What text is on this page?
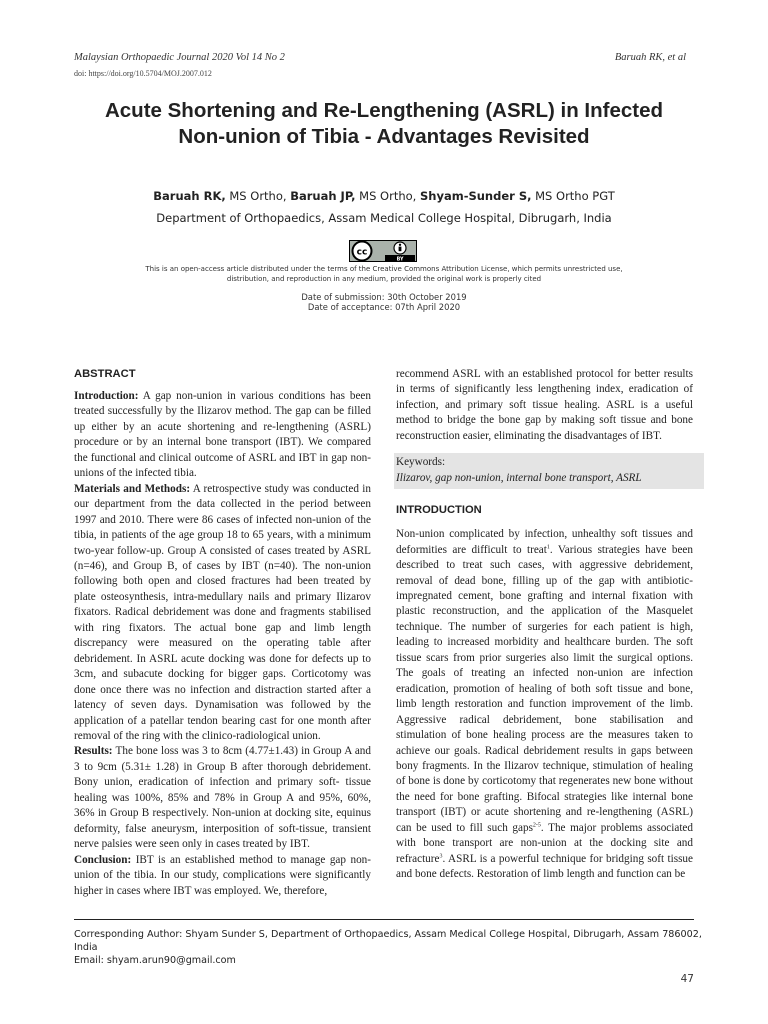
Malaysian Orthopaedic Journal 2020 Vol 14 No 2	Baruah RK, et al
doi: https://doi.org/10.5704/MOJ.2007.012
Acute Shortening and Re-Lengthening (ASRL) in Infected
Non-union of Tibia - Advantages Revisited
Baruah RK, MS Ortho, Baruah JP, MS Ortho, Shyam-Sunder S, MS Ortho PGT
Department of Orthopaedics, Assam Medical College Hospital, Dibrugarh, India
cc
BY
This is an open-access article distributed under the terms of the Creative Commons Attribution License, which permits unrestricted use,
distribution, and reproduction in any medium, provided the original work is properly cited
Date of submission: 30th October 2019
Date of acceptance: 07th April 2020
ABSTRACT

Introduction: A gap non-union in various conditions has been treated successfully by the Ilizarov method. The gap can be filled up either by an acute shortening and re-lengthening (ASRL) procedure or by an internal bone transport (IBT). We compared the functional and clinical outcome of ASRL and IBT in gap non-unions of the infected tibia.

Materials and Methods: A retrospective study was conducted in our department from the data collected in the period between 1997 and 2010. There were 86 cases of infected non-union of the tibia, in patients of the age group 18 to 65 years, with a minimum two-year follow-up. Group A consisted of cases treated by ASRL (n=46), and Group B, of cases by IBT (n=40). The non-union following both open and closed fractures had been treated by plate osteosynthesis, intra-medullary nails and primary Ilizarov fixators. Radical debridement was done and fragments stabilised with ring fixators. The actual bone gap and limb length discrepancy were measured on the operating table after debridement. In ASRL acute docking was done for defects up to 3cm, and subacute docking for bigger gaps. Corticotomy was done once there was no infection and distraction started after a latency of seven days. Dynamisation was followed by the application of a patellar tendon bearing cast for one month after removal of the ring with the clinico-radiological union.

Results: The bone loss was 3 to 8cm (4.77±1.43) in Group A and 3 to 9cm (5.31± 1.28) in Group B after thorough debridement. Bony union, eradication of infection and primary soft- tissue healing was 100%, 85% and 78% in Group A and 95%, 60%, 36% in Group B respectively. Non-union at docking site, equinus deformity, false aneurysm, interposition of soft-tissue, transient nerve palsies were seen only in cases treated by IBT.

Conclusion: IBT is an established method to manage gap non-union of the tibia. In our study, complications were significantly higher in cases where IBT was employed. We, therefore,

recommend ASRL with an established protocol for better results in terms of significantly less lengthening index, eradication of infection, and primary soft tissue healing. ASRL is a useful method to bridge the bone gap by making soft tissue and bone reconstruction easier, eliminating the disadvantages of IBT.

Keywords:
Ilizarov, gap non-union, internal bone transport, ASRL
INTRODUCTION

Non-union complicated by infection, unhealthy soft tissues and deformities are difficult to treat$^1$. Various strategies have been described to treat such cases, with aggressive debridement, removal of dead bone, filling up of the gap with antibiotic-impregnated cement, bone grafting and internal fixation with plastic reconstruction, and the application of the Masquelet technique. The number of surgeries for each patient is high, leading to increased morbidity and healthcare burden. The soft tissue scars from prior surgeries also limit the surgical options. The goals of treating an infected non-union are infection eradication, promotion of healing of both soft tissue and bone, limb length restoration and function improvement of the limb. Aggressive radical debridement, bone stabilisation and stimulation of bone healing process are the measures taken to achieve our goals. Radical debridement results in gaps between bony fragments. In the Ilizarov technique, stimulation of healing of bone is done by corticotomy that regenerates new bone without the need for bone grafting. Bifocal strategies like internal bone transport (IBT) or acute shortening and re-lengthening (ASRL) can be used to fill such gaps$^{2-5}$. The major problems associated with bone transport are non-union at the docking site and refracture$^3$. ASRL is a powerful technique for bridging soft tissue and bone defects. Restoration of limb length and function can be

Corresponding Author: Shyam Sunder S, Department of Orthopaedics, Assam Medical College Hospital, Dibrugarh, Assam 786002, India
Email: shyam.arun90@gmail.com
47
